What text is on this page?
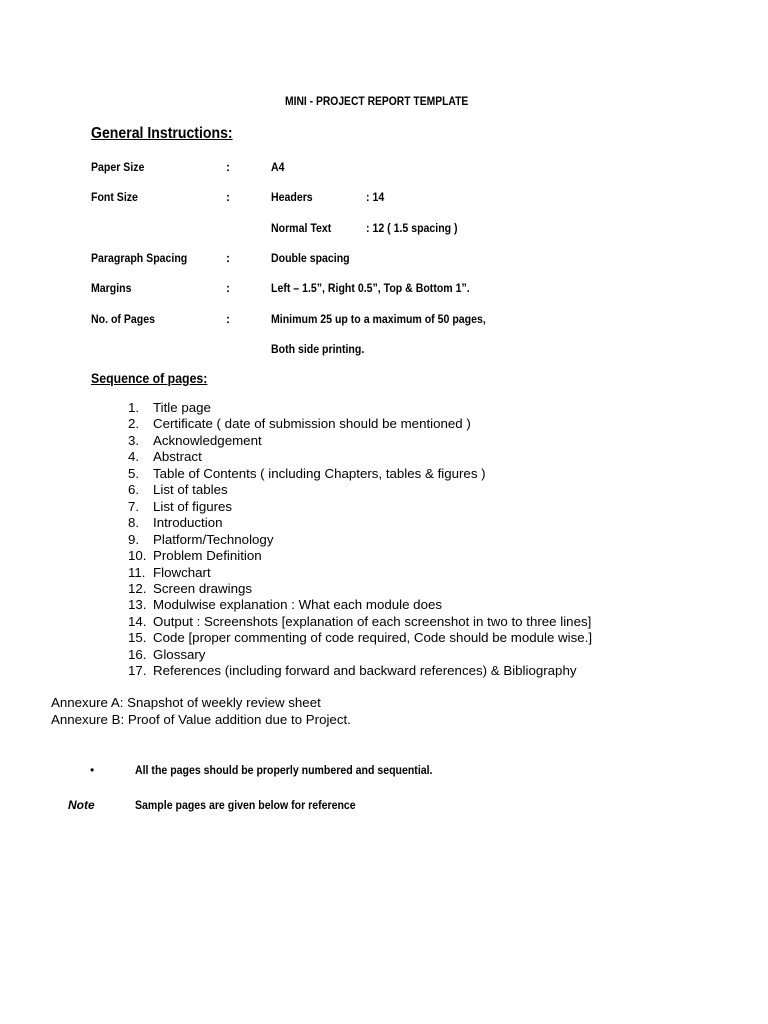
MINI - PROJECT REPORT TEMPLATE
General Instructions:
Paper Size	:	A4
Font Size	:	Headers	: 14
Normal Text	: 12 ( 1.5 spacing )
Paragraph Spacing	:	Double spacing
Margins	:	Left – 1.5”, Right 0.5”, Top & Bottom 1”.
No. of Pages	:	Minimum 25 up to a maximum of 50 pages,
Both side printing.
Sequence of pages:
1. Title page
2. Certificate ( date of submission should be mentioned )
3. Acknowledgement
4. Abstract
5. Table of Contents ( including Chapters, tables & figures )
6. List of tables
7. List of figures
8. Introduction
9. Platform/Technology
10. Problem Definition
11. Flowchart
12. Screen drawings
13. Modulwise explanation : What each module does
14. Output : Screenshots [explanation of each screenshot in two to three lines]
15. Code [proper commenting of code required, Code should be module wise.]
16. Glossary
17. References (including forward and backward references) & Bibliography
Annexure A: Snapshot of weekly review sheet
Annexure B: Proof of Value addition due to Project.
•	All the pages should be properly numbered and sequential.
Note	Sample pages are given below for reference
